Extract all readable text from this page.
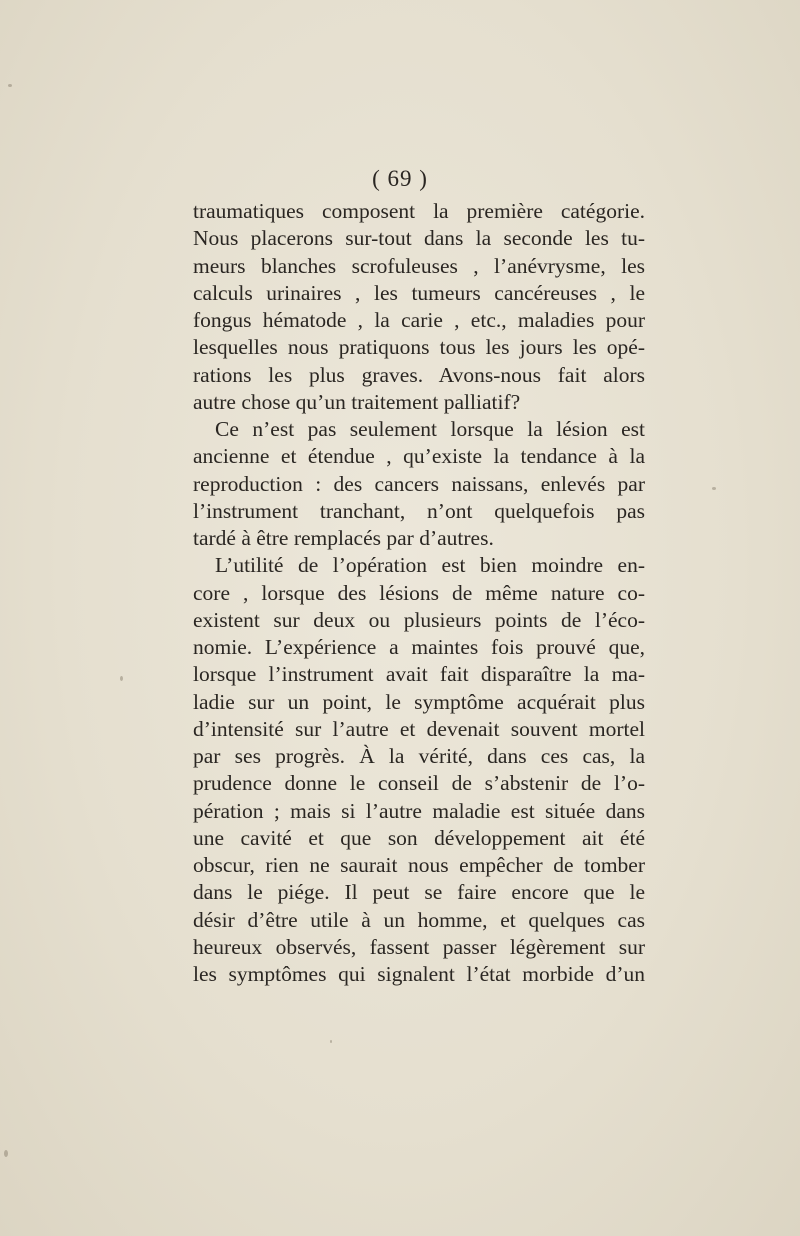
( 69 )
traumatiques composent la première catégorie.
Nous placerons sur-tout dans la seconde les tu-
meurs blanches scrofuleuses , l’anévrysme, les
calculs urinaires , les tumeurs cancéreuses , le
fongus hématode , la carie , etc., maladies pour
lesquelles nous pratiquons tous les jours les opé-
rations les plus graves. Avons-nous fait alors
autre chose qu’un traitement palliatif?
Ce n’est pas seulement lorsque la lésion est
ancienne et étendue , qu’existe la tendance à la
reproduction : des cancers naissans, enlevés par
l’instrument tranchant, n’ont quelquefois pas
tardé à être remplacés par d’autres.
L’utilité de l’opération est bien moindre en-
core , lorsque des lésions de même nature co-
existent sur deux ou plusieurs points de l’éco-
nomie. L’expérience a maintes fois prouvé que,
lorsque l’instrument avait fait disparaître la ma-
ladie sur un point, le symptôme acquérait plus
d’intensité sur l’autre et devenait souvent mortel
par ses progrès. À la vérité, dans ces cas, la
prudence donne le conseil de s’abstenir de l’o-
pération ; mais si l’autre maladie est située dans
une cavité et que son développement ait été
obscur, rien ne saurait nous empêcher de tomber
dans le piége. Il peut se faire encore que le
désir d’être utile à un homme, et quelques cas
heureux observés, fassent passer légèrement sur
les symptômes qui signalent l’état morbide d’un
